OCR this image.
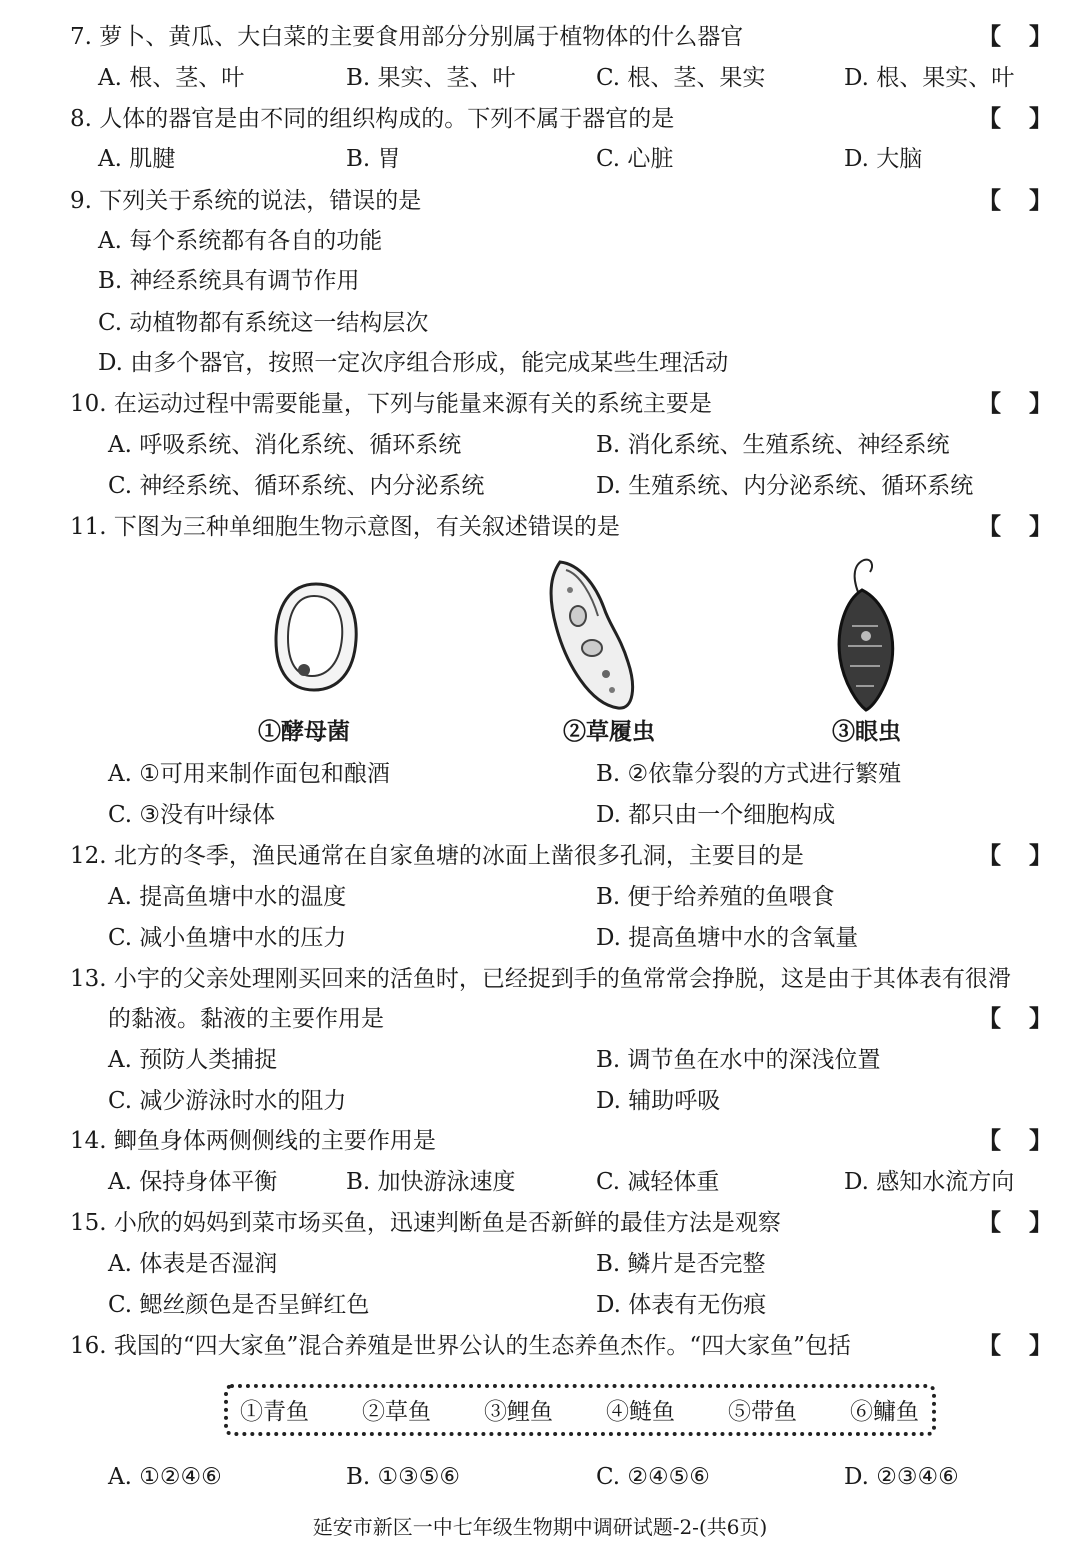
7. 萝卜、黄瓜、大白菜的主要食用部分分别属于植物体的什么器官	【 】
A. 根、茎、叶	B. 果实、茎、叶	C. 根、茎、果实	D. 根、果实、叶
8. 人体的器官是由不同的组织构成的。下列不属于器官的是	【 】
A. 肌腱	B. 胃	C. 心脏	D. 大脑
9. 下列关于系统的说法，错误的是	【 】
A. 每个系统都有各自的功能
B. 神经系统具有调节作用
C. 动植物都有系统这一结构层次
D. 由多个器官，按照一定次序组合形成，能完成某些生理活动
10. 在运动过程中需要能量，下列与能量来源有关的系统主要是	【 】
A. 呼吸系统、消化系统、循环系统	B. 消化系统、生殖系统、神经系统
C. 神经系统、循环系统、内分泌系统	D. 生殖系统、内分泌系统、循环系统
11. 下图为三种单细胞生物示意图，有关叙述错误的是	【 】
①酵母菌	②草履虫	③眼虫
A. ①可用来制作面包和酿酒	B. ②依靠分裂的方式进行繁殖
C. ③没有叶绿体	D. 都只由一个细胞构成
12. 北方的冬季，渔民通常在自家鱼塘的冰面上凿很多孔洞，主要目的是	【 】
A. 提高鱼塘中水的温度	B. 便于给养殖的鱼喂食
C. 减小鱼塘中水的压力	D. 提高鱼塘中水的含氧量
13. 小宇的父亲处理刚买回来的活鱼时，已经捉到手的鱼常常会挣脱，这是由于其体表有很滑
的黏液。黏液的主要作用是	【 】
A. 预防人类捕捉	B. 调节鱼在水中的深浅位置
C. 减少游泳时水的阻力	D. 辅助呼吸
14. 鲫鱼身体两侧侧线的主要作用是	【 】
A. 保持身体平衡	B. 加快游泳速度	C. 减轻体重	D. 感知水流方向
15. 小欣的妈妈到菜市场买鱼，迅速判断鱼是否新鲜的最佳方法是观察	【 】
A. 体表是否湿润	B. 鳞片是否完整
C. 鳃丝颜色是否呈鲜红色	D. 体表有无伤痕
16. 我国的“四大家鱼”混合养殖是世界公认的生态养鱼杰作。“四大家鱼”包括	【 】
①青鱼 ②草鱼 ③鲤鱼 ④鲢鱼 ⑤带鱼 ⑥鳙鱼
A. ①②④⑥	B. ①③⑤⑥	C. ②④⑤⑥	D. ②③④⑥
延安市新区一中七年级生物期中调研试题-2-(共6页)
